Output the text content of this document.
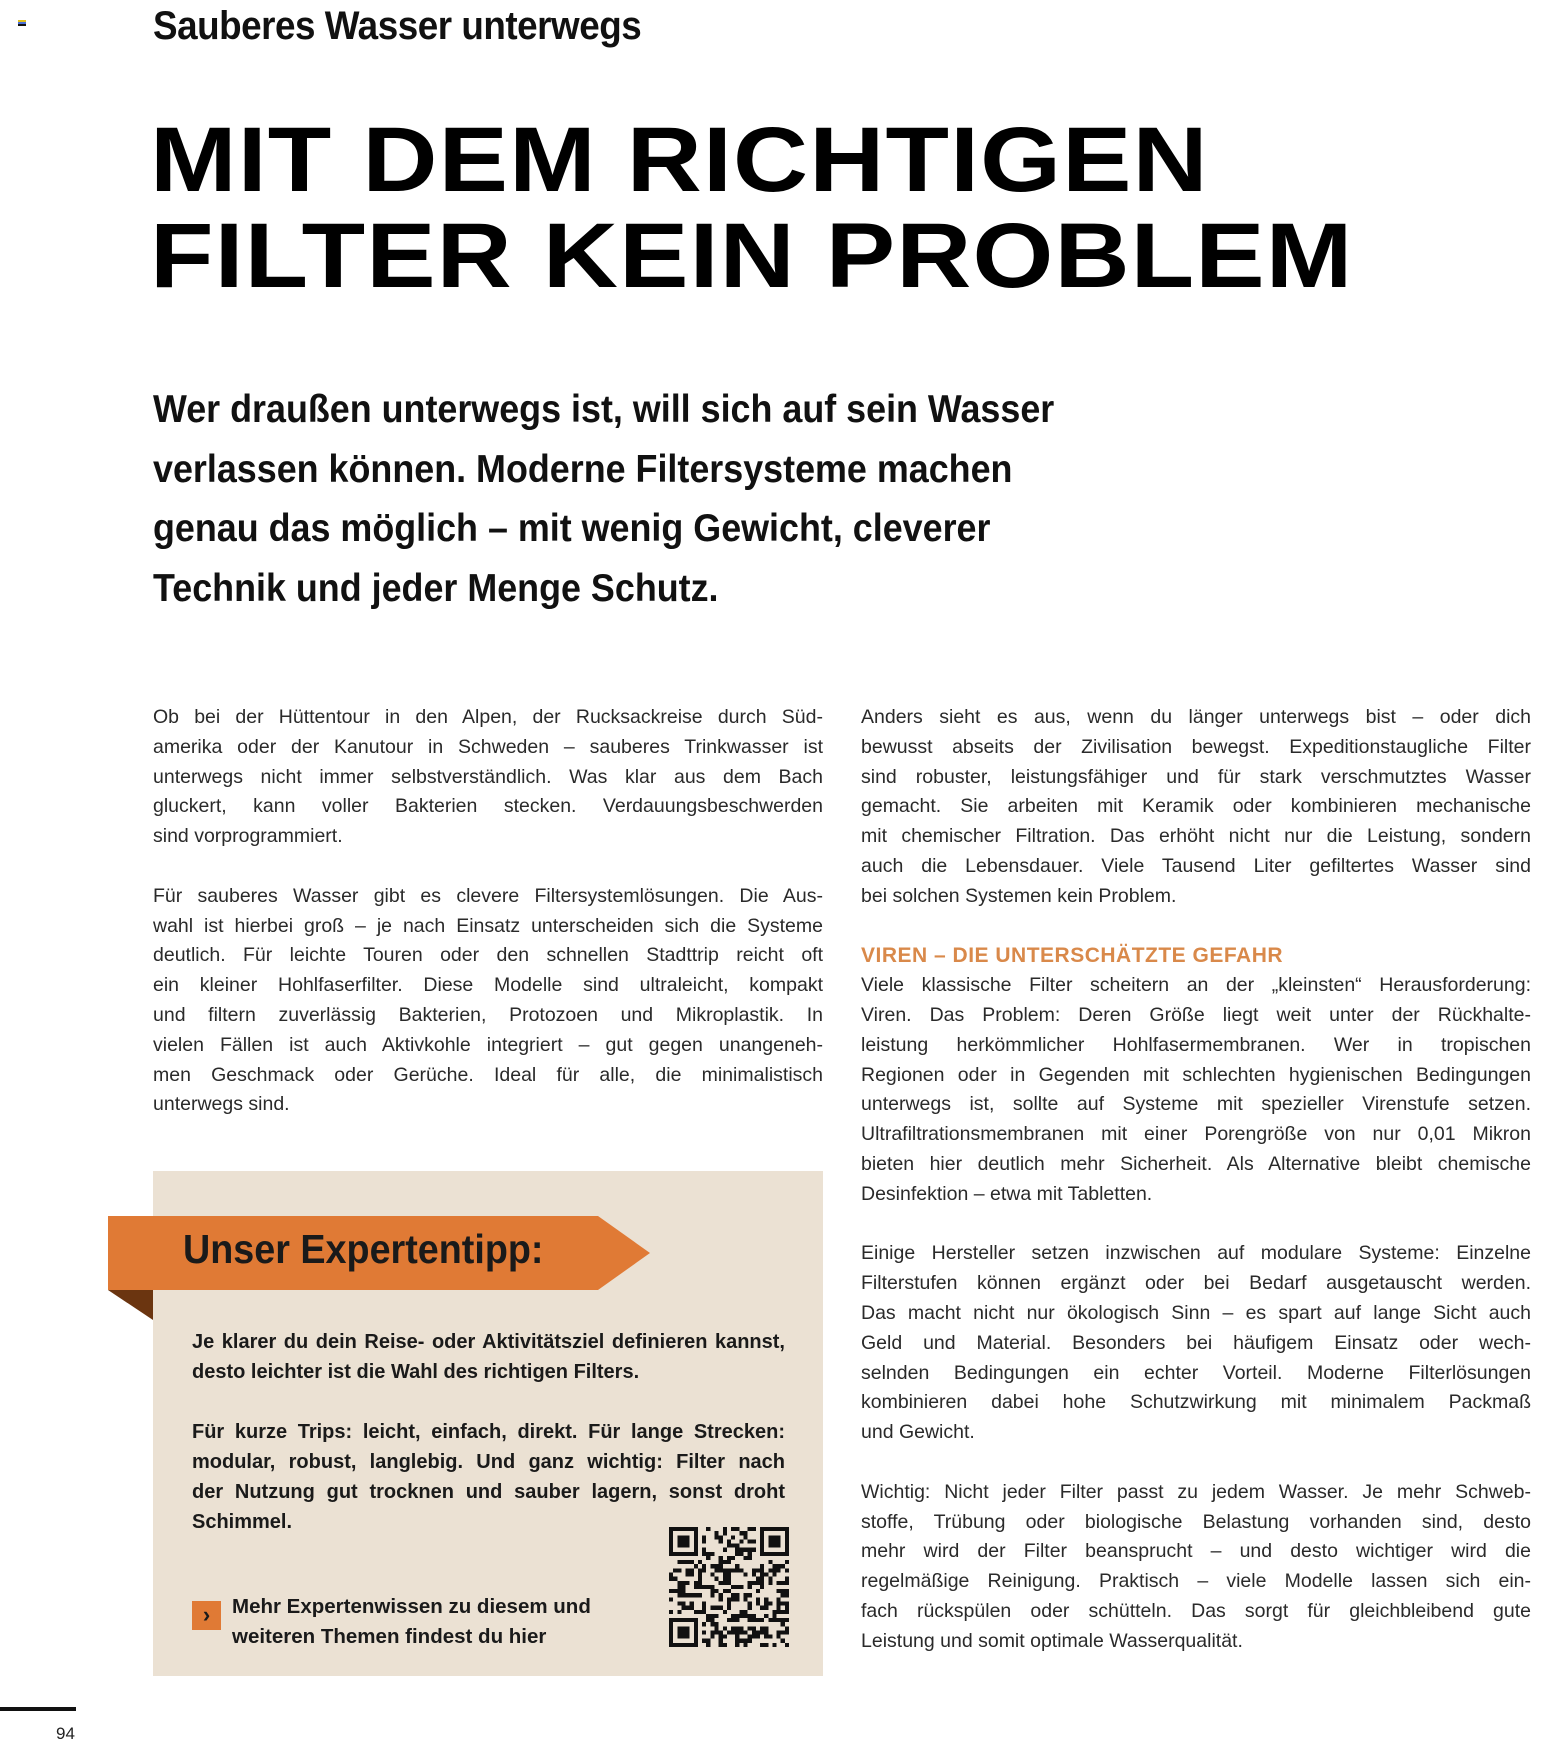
Sauberes Wasser unterwegs
MIT DEM RICHTIGEN
FILTER KEIN PROBLEM
Wer draußen unterwegs ist, will sich auf sein Wasser
verlassen können. Moderne Filtersysteme machen
genau das möglich – mit wenig Gewicht, cleverer
Technik und jeder Menge Schutz.
Ob bei der Hüttentour in den Alpen, der Rucksackreise durch Süd-
amerika oder der Kanutour in Schweden – sauberes Trinkwasser ist
unterwegs nicht immer selbstverständlich. Was klar aus dem Bach
gluckert, kann voller Bakterien stecken. Verdauungsbeschwerden
sind vorprogrammiert.
Für sauberes Wasser gibt es clevere Filtersystemlösungen. Die Aus-
wahl ist hierbei groß – je nach Einsatz unterscheiden sich die Systeme
deutlich. Für leichte Touren oder den schnellen Stadttrip reicht oft
ein kleiner Hohlfaserfilter. Diese Modelle sind ultraleicht, kompakt
und filtern zuverlässig Bakterien, Protozoen und Mikroplastik. In
vielen Fällen ist auch Aktivkohle integriert – gut gegen unangeneh-
men Geschmack oder Gerüche. Ideal für alle, die minimalistisch
unterwegs sind.
Anders sieht es aus, wenn du länger unterwegs bist – oder dich
bewusst abseits der Zivilisation bewegst. Expeditionstaugliche Filter
sind robuster, leistungsfähiger und für stark verschmutztes Wasser
gemacht. Sie arbeiten mit Keramik oder kombinieren mechanische
mit chemischer Filtration. Das erhöht nicht nur die Leistung, sondern
auch die Lebensdauer. Viele Tausend Liter gefiltertes Wasser sind
bei solchen Systemen kein Problem.
VIREN – DIE UNTERSCHÄTZTE GEFAHR
Viele klassische Filter scheitern an der „kleinsten“ Herausforderung:
Viren. Das Problem: Deren Größe liegt weit unter der Rückhalte-
leistung herkömmlicher Hohlfasermembranen. Wer in tropischen
Regionen oder in Gegenden mit schlechten hygienischen Bedingungen
unterwegs ist, sollte auf Systeme mit spezieller Virenstufe setzen.
Ultrafiltrationsmembranen mit einer Porengröße von nur 0,01 Mikron
bieten hier deutlich mehr Sicherheit. Als Alternative bleibt chemische
Desinfektion – etwa mit Tabletten.
Einige Hersteller setzen inzwischen auf modulare Systeme: Einzelne
Filterstufen können ergänzt oder bei Bedarf ausgetauscht werden.
Das macht nicht nur ökologisch Sinn – es spart auf lange Sicht auch
Geld und Material. Besonders bei häufigem Einsatz oder wech-
selnden Bedingungen ein echter Vorteil. Moderne Filterlösungen
kombinieren dabei hohe Schutzwirkung mit minimalem Packmaß
und Gewicht.
Wichtig: Nicht jeder Filter passt zu jedem Wasser. Je mehr Schweb-
stoffe, Trübung oder biologische Belastung vorhanden sind, desto
mehr wird der Filter beansprucht – und desto wichtiger wird die
regelmäßige Reinigung. Praktisch – viele Modelle lassen sich ein-
fach rückspülen oder schütteln. Das sorgt für gleichbleibend gute
Leistung und somit optimale Wasserqualität.
Unser Expertentipp:
Je klarer du dein Reise- oder Aktivitätsziel definieren kannst,
desto leichter ist die Wahl des richtigen Filters.
Für kurze Trips: leicht, einfach, direkt. Für lange Strecken:
modular, robust, langlebig. Und ganz wichtig: Filter nach
der Nutzung gut trocknen und sauber lagern, sonst droht
Schimmel.
›	Mehr Expertenwissen zu diesem und
weiteren Themen findest du hier
94
